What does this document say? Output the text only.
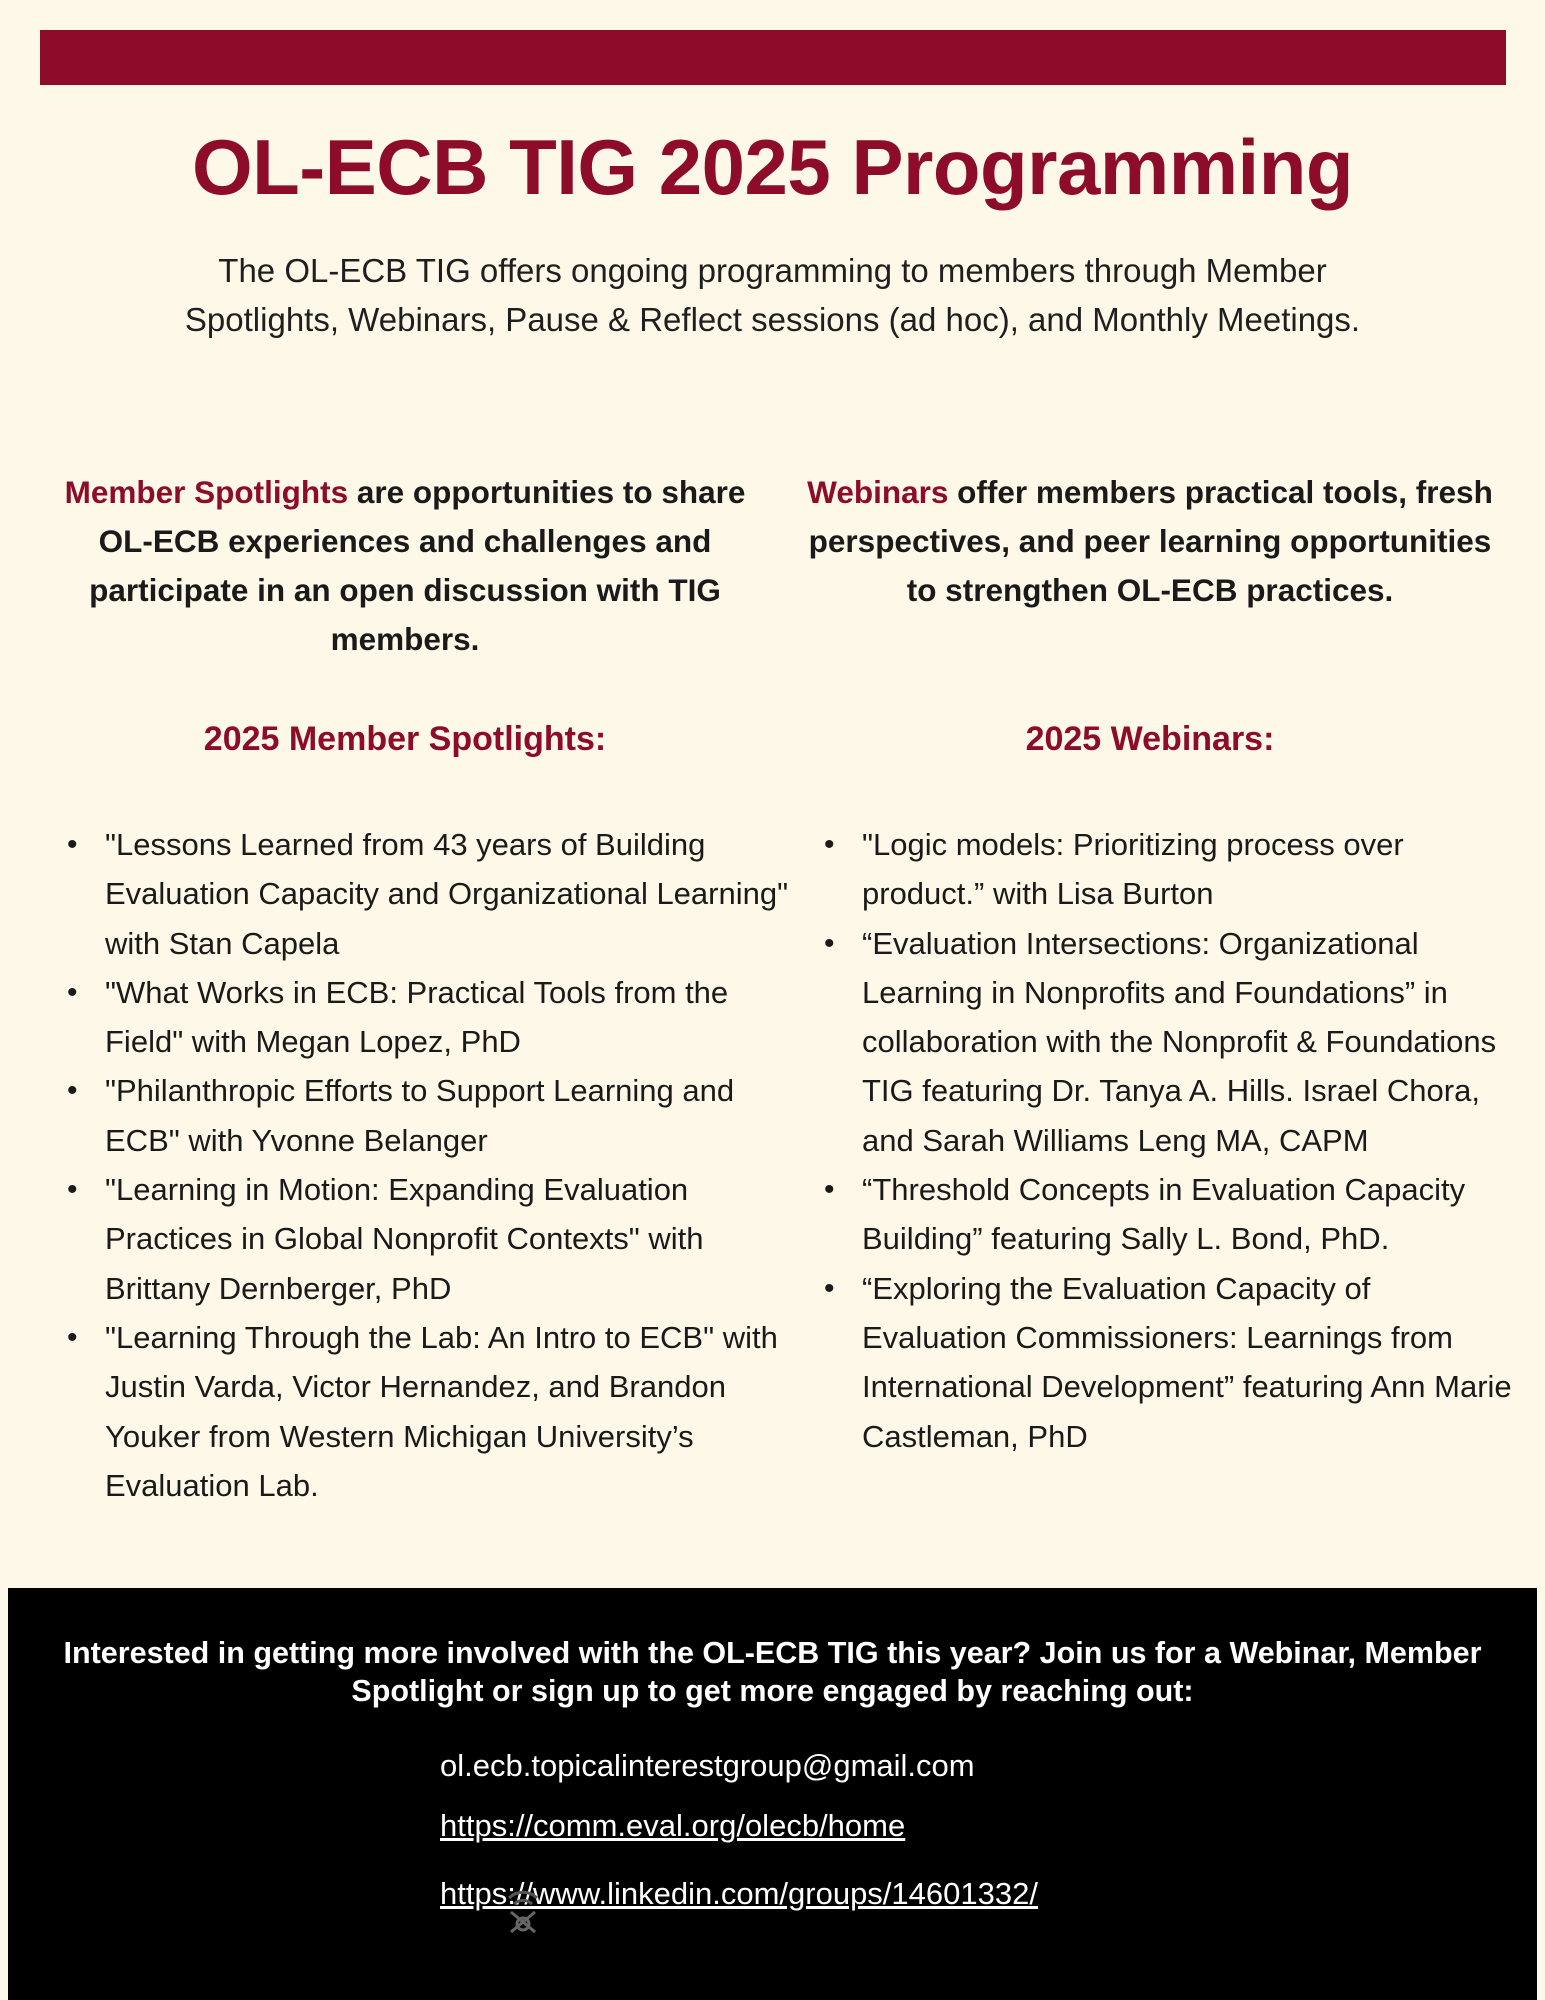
OL-ECB TIG 2025 Programming
The OL-ECB TIG offers ongoing programming to members through Member Spotlights, Webinars, Pause & Reflect sessions (ad hoc), and Monthly Meetings.

Member Spotlights are opportunities to share OL-ECB experiences and challenges and participate in an open discussion with TIG members.

2025 Member Spotlights:
• "Lessons Learned from 43 years of Building Evaluation Capacity and Organizational Learning" with Stan Capela
• "What Works in ECB: Practical Tools from the Field" with Megan Lopez, PhD
• "Philanthropic Efforts to Support Learning and ECB" with Yvonne Belanger
• "Learning in Motion: Expanding Evaluation Practices in Global Nonprofit Contexts" with Brittany Dernberger, PhD
• "Learning Through the Lab: An Intro to ECB" with Justin Varda, Victor Hernandez, and Brandon Youker from Western Michigan University’s Evaluation Lab.

Webinars offer members practical tools, fresh perspectives, and peer learning opportunities to strengthen OL-ECB practices.

2025 Webinars:
• "Logic models: Prioritizing process over product.” with Lisa Burton
• “Evaluation Intersections: Organizational Learning in Nonprofits and Foundations” in collaboration with the Nonprofit & Foundations TIG featuring Dr. Tanya A. Hills. Israel Chora, and Sarah Williams Leng MA, CAPM
• “Threshold Concepts in Evaluation Capacity Building” featuring Sally L. Bond, PhD.
• “Exploring the Evaluation Capacity of Evaluation Commissioners: Learnings from International Development” featuring Ann Marie Castleman, PhD
Interested in getting more involved with the OL-ECB TIG this year? Join us for a Webinar, Member Spotlight or sign up to get more engaged by reaching out:
ol.ecb.topicalinterestgroup@gmail.com
https://comm.eval.org/olecb/home
https://www.linkedin.com/groups/14601332/
